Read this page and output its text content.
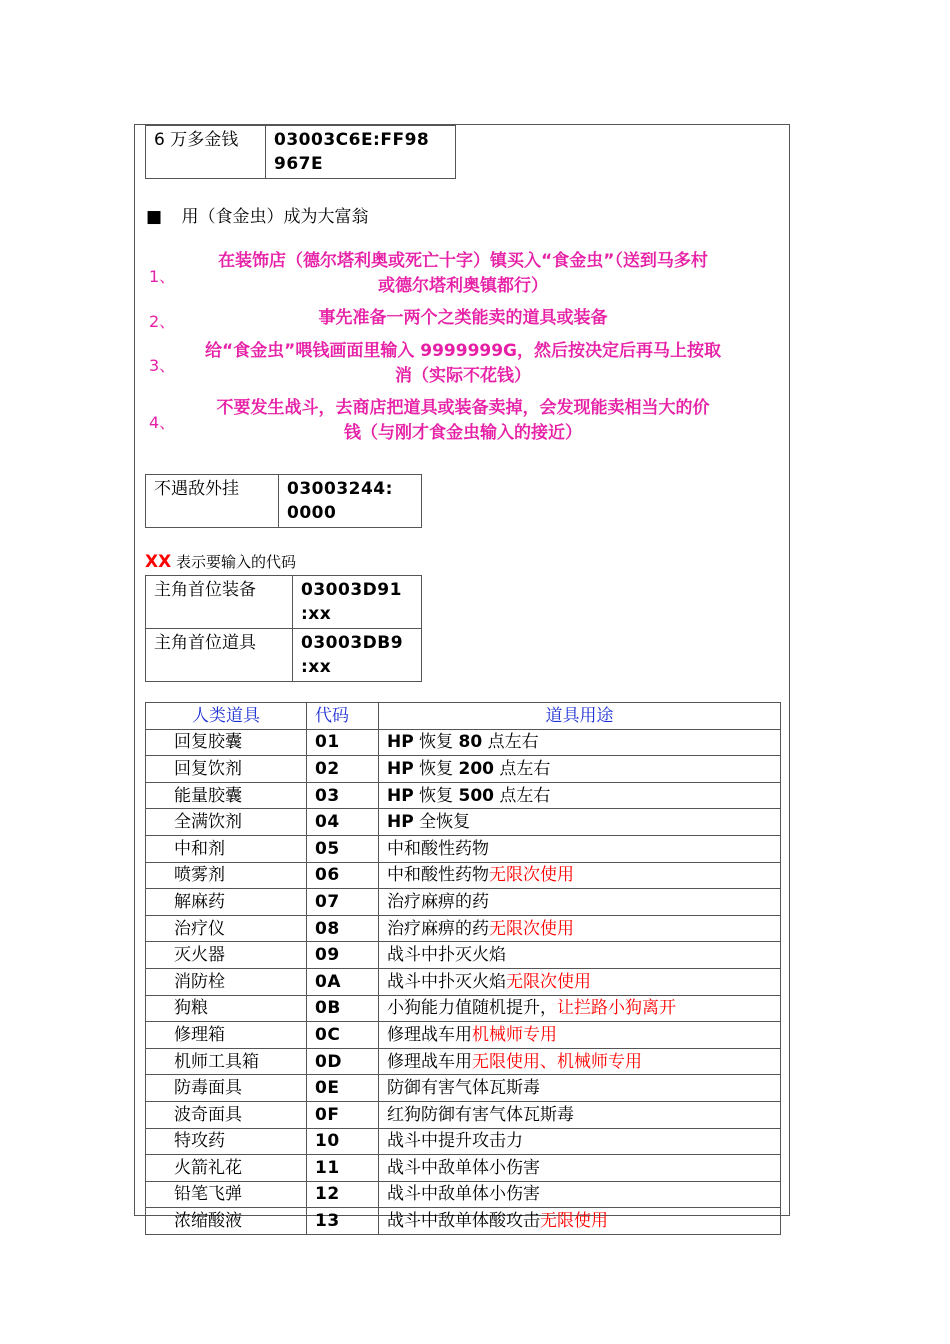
6 万多金钱	03003C6E:FF98
967E
■ 用（食金虫）成为大富翁
1、
在装饰店（德尔塔利奥或死亡十字）镇买入“食金虫”（送到马多村
或德尔塔利奥镇都行）
2、	事先准备一两个之类能卖的道具或装备
3、
给“食金虫”喂钱画面里输入 9999999G，然后按决定后再马上按取
消（实际不花钱）
4、
不要发生战斗，去商店把道具或装备卖掉，会发现能卖相当大的价
钱（与刚才食金虫输入的接近）
不遇敌外挂	03003244:
0000
XX 表示要输入的代码
主角首位装备	03003D91
:xx

主角首位道具	03003DB9
:xx
人类道具	代码	道具用途
回复胶囊	01	HP 恢复 80 点左右
回复饮剂	02	HP 恢复 200 点左右
能量胶囊	03	HP 恢复 500 点左右
全满饮剂	04	HP 全恢复
中和剂	05	中和酸性药物
喷雾剂	06	中和酸性药物无限次使用
解麻药	07	治疗麻痹的药
治疗仪	08	治疗麻痹的药无限次使用
灭火器	09	战斗中扑灭火焰
消防栓	0A	战斗中扑灭火焰无限次使用
狗粮	0B	小狗能力值随机提升，让拦路小狗离开
修理箱	0C	修理战车用机械师专用
机师工具箱	0D	修理战车用无限使用、机械师专用
防毒面具	0E	防御有害气体瓦斯毒
波奇面具	0F	红狗防御有害气体瓦斯毒
特攻药	10	战斗中提升攻击力
火箭礼花	11	战斗中敌单体小伤害
铅笔飞弹	12	战斗中敌单体小伤害
浓缩酸液	13	战斗中敌单体酸攻击无限使用
